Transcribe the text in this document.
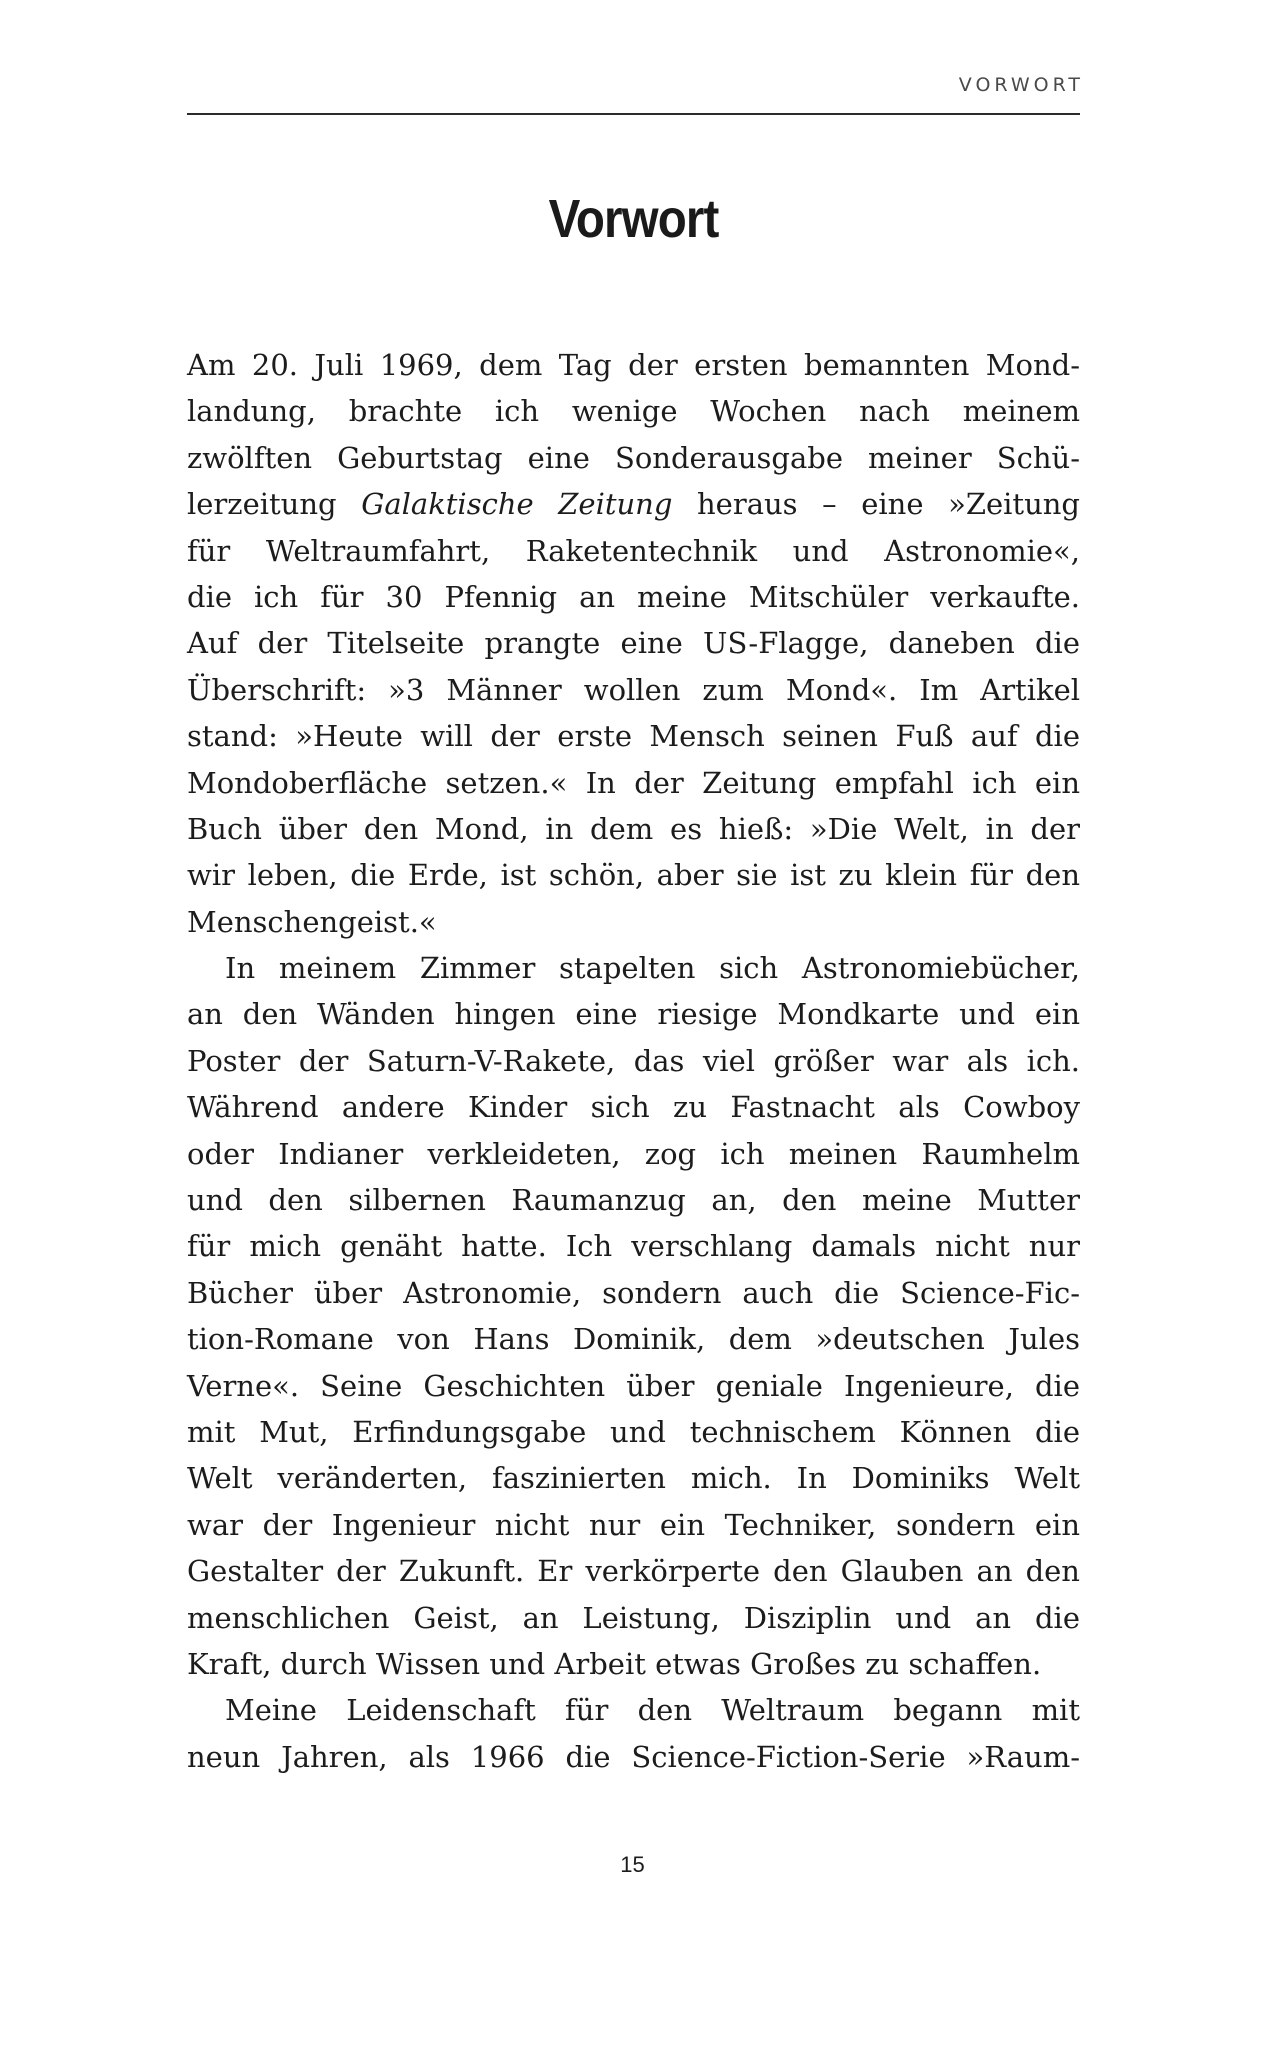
VORWORT
Vorwort
Am 20. Juli 1969, dem Tag der ersten bemannten Mond-
landung, brachte ich wenige Wochen nach meinem
zwölften Geburtstag eine Sonderausgabe meiner Schü-
lerzeitung Galaktische Zeitung heraus – eine »Zeitung
für Weltraumfahrt, Raketentechnik und Astronomie«,
die ich für 30 Pfennig an meine Mitschüler verkaufte.
Auf der Titelseite prangte eine US-Flagge, daneben die
Überschrift: »3 Männer wollen zum Mond«. Im Artikel
stand: »Heute will der erste Mensch seinen Fuß auf die
Mondoberfläche setzen.« In der Zeitung empfahl ich ein
Buch über den Mond, in dem es hieß: »Die Welt, in der
wir leben, die Erde, ist schön, aber sie ist zu klein für den
Menschengeist.«
In meinem Zimmer stapelten sich Astronomiebücher,
an den Wänden hingen eine riesige Mondkarte und ein
Poster der Saturn-V-Rakete, das viel größer war als ich.
Während andere Kinder sich zu Fastnacht als Cowboy
oder Indianer verkleideten, zog ich meinen Raumhelm
und den silbernen Raumanzug an, den meine Mutter
für mich genäht hatte. Ich verschlang damals nicht nur
Bücher über Astronomie, sondern auch die Science-Fic-
tion-Romane von Hans Dominik, dem »deutschen Jules
Verne«. Seine Geschichten über geniale Ingenieure, die
mit Mut, Erfindungsgabe und technischem Können die
Welt veränderten, faszinierten mich. In Dominiks Welt
war der Ingenieur nicht nur ein Techniker, sondern ein
Gestalter der Zukunft. Er verkörperte den Glauben an den
menschlichen Geist, an Leistung, Disziplin und an die
Kraft, durch Wissen und Arbeit etwas Großes zu schaffen.
Meine Leidenschaft für den Weltraum begann mit
neun Jahren, als 1966 die Science-Fiction-Serie »Raum-
15
